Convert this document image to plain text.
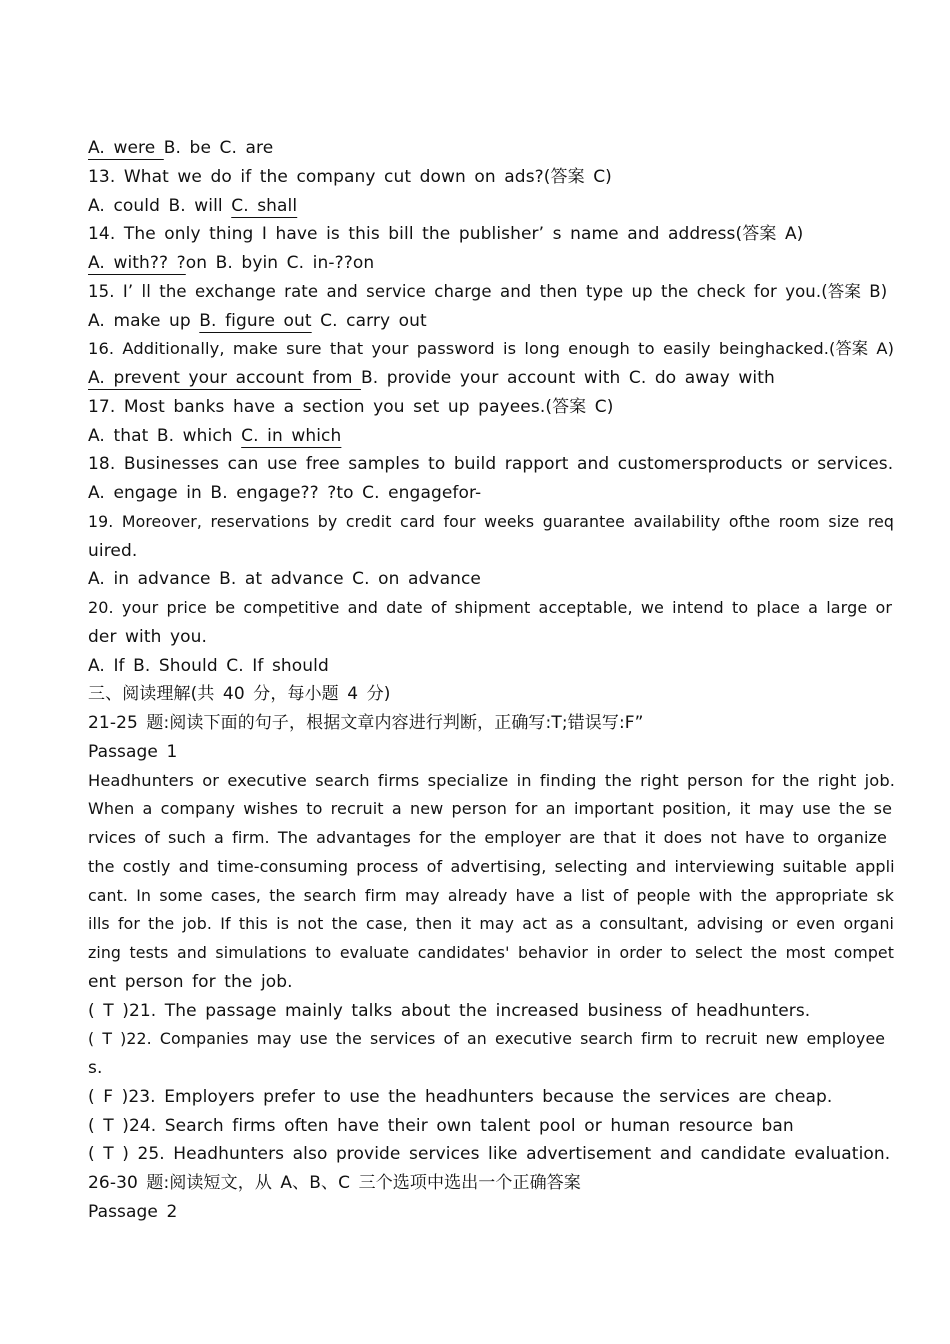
A. were B. be C. are
13. What we do if the company cut down on ads?(答案 C)
A. could B. will C. shall
14. The only thing I have is this bill the publisher’ s name and address(答案 A)
A. with?? ?on B. byin C. in-??on
15. I’ ll the exchange rate and service charge and then type up the check for you.(答案 B)
A. make up B. figure out C. carry out
16. Additionally, make sure that your password is long enough to easily beinghacked.(答案 A)
A. prevent your account from B. provide your account with C. do away with
17. Most banks have a section you set up payees.(答案 C)
A. that B. which C. in which
18. Businesses can use free samples to build rapport and customersproducts or services.
A. engage in B. engage?? ?to C. engagefor-
19. Moreover, reservations by credit card four weeks guarantee availability ofthe room size req
uired.
A. in advance B. at advance C. on advance
20. your price be competitive and date of shipment acceptable, we intend to place a large or
der with you.
A. If B. Should C. If should
三、阅读理解(共 40 分，每小题 4 分)
21-25 题:阅读下面的句子，根据文章内容进行判断，正确写:T;错误写:F”
Passage 1
Headhunters or executive search firms specialize in finding the right person for the right job.
When a company wishes to recruit a new person for an important position, it may use the se
rvices of such a firm. The advantages for the employer are that it does not have to organize
the costly and time-consuming process of advertising, selecting and interviewing suitable appli
cant. In some cases, the search firm may already have a list of people with the appropriate sk
ills for the job. If this is not the case, then it may act as a consultant, advising or even organi
zing tests and simulations to evaluate candidates' behavior in order to select the most compet
ent person for the job.
( T )21. The passage mainly talks about the increased business of headhunters.
( T )22. Companies may use the services of an executive search firm to recruit new employee
s.
( F )23. Employers prefer to use the headhunters because the services are cheap.
( T )24. Search firms often have their own talent pool or human resource ban
( T ) 25. Headhunters also provide services like advertisement and candidate evaluation.
26-30 题:阅读短文，从 A、B、C 三个选项中选出一个正确答案
Passage 2
